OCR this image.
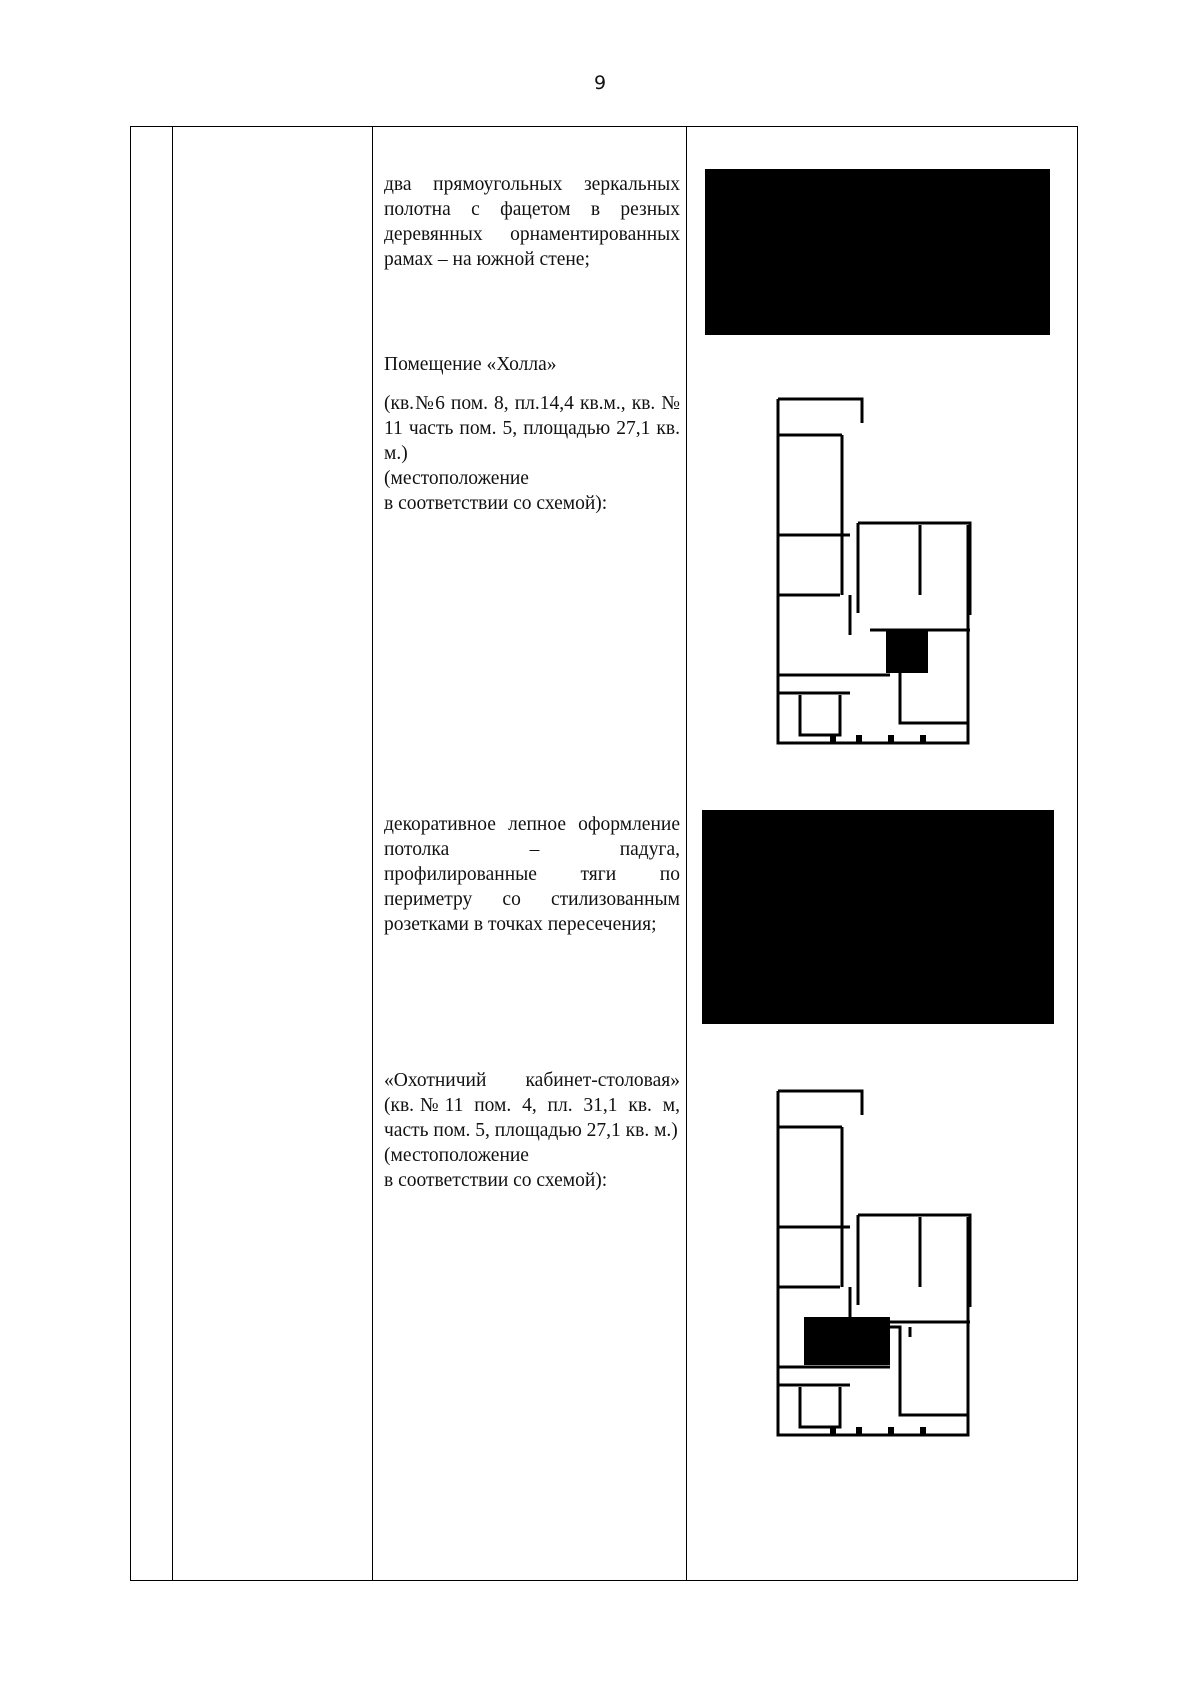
9

два прямоугольных зеркальных полотна с фацетом в резных деревянных орнаментированных рамах – на южной стене;

Помещение «Холла»

(кв.№6 пом. 8, пл.14,4 кв.м., кв. № 11 часть пом. 5, площадью 27,1 кв. м.)

(местоположение

в соответствии со схемой):

декоративное лепное оформление потолка – падуга, профилированные тяги по периметру со стилизованным розетками в точках пересечения;

«Охотничий кабинет-столовая» (кв.№11 пом. 4, пл. 31,1 кв. м, часть пом. 5, площадью 27,1 кв. м.)

(местоположение

в соответствии со схемой):
